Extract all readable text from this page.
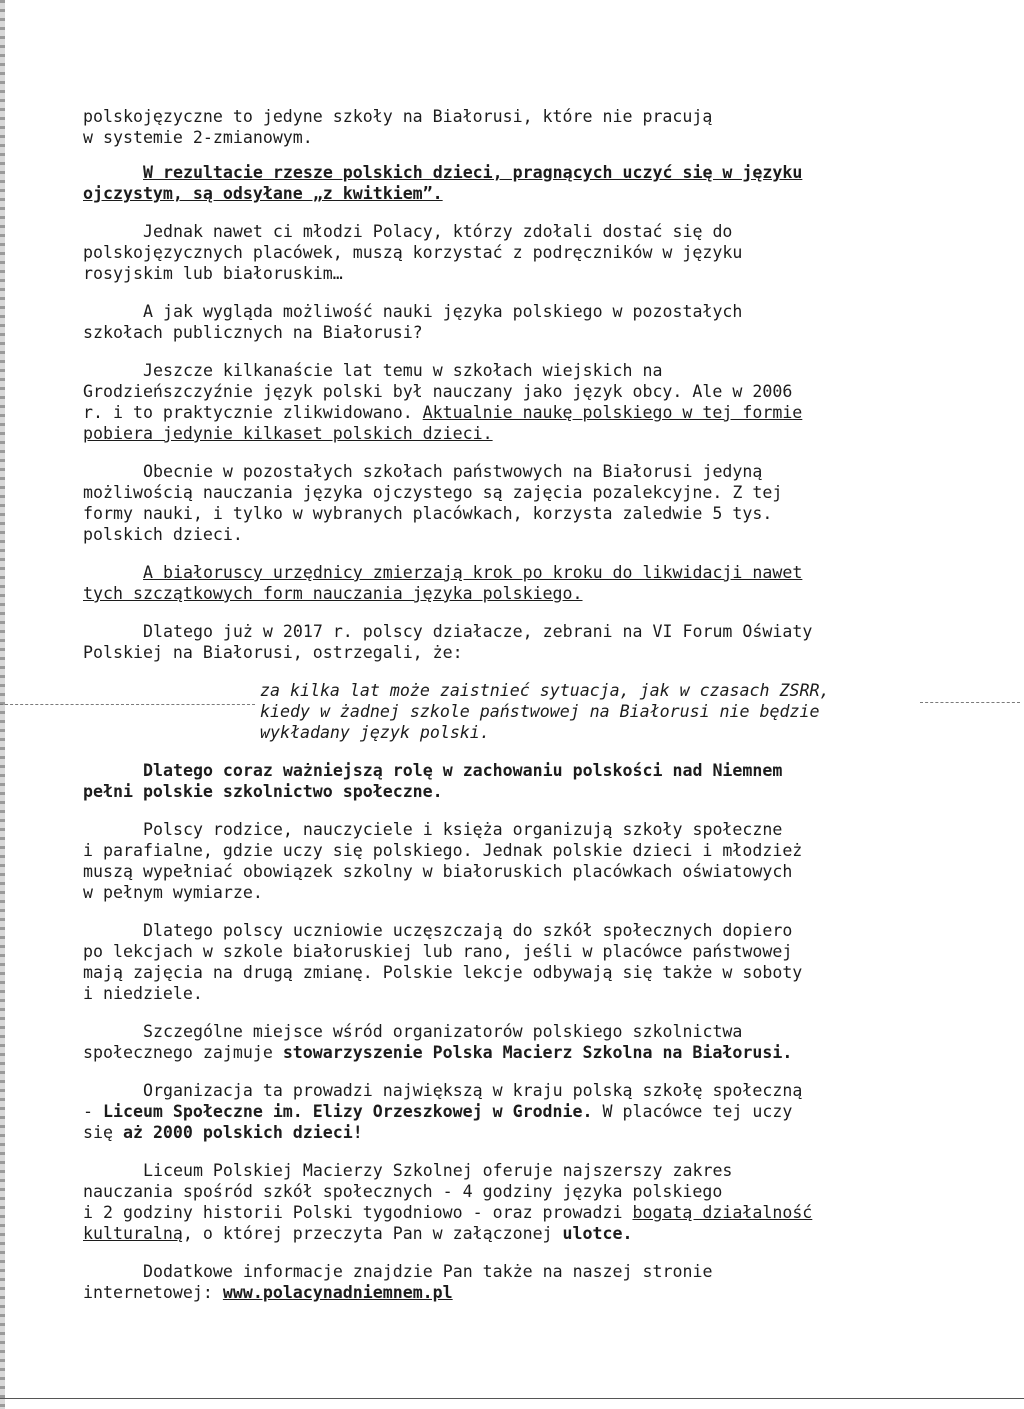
polskojęzyczne to jedyne szkoły na Białorusi, które nie pracują
w systemie 2-zmianowym.

W rezultacie rzesze polskich dzieci, pragnących uczyć się w języku
ojczystym, są odsyłane „z kwitkiem”.

Jednak nawet ci młodzi Polacy, którzy zdołali dostać się do
polskojęzycznych placówek, muszą korzystać z podręczników w języku
rosyjskim lub białoruskim…

A jak wygląda możliwość nauki języka polskiego w pozostałych
szkołach publicznych na Białorusi?

Jeszcze kilkanaście lat temu w szkołach wiejskich na
Grodzieńszczyźnie język polski był nauczany jako język obcy. Ale w 2006
r. i to praktycznie zlikwidowano. Aktualnie naukę polskiego w tej formie
pobiera jedynie kilkaset polskich dzieci.

Obecnie w pozostałych szkołach państwowych na Białorusi jedyną
możliwością nauczania języka ojczystego są zajęcia pozalekcyjne. Z tej
formy nauki, i tylko w wybranych placówkach, korzysta zaledwie 5 tys.
polskich dzieci.

A białoruscy urzędnicy zmierzają krok po kroku do likwidacji nawet
tych szczątkowych form nauczania języka polskiego.

Dlatego już w 2017 r. polscy działacze, zebrani na VI Forum Oświaty
Polskiej na Białorusi, ostrzegali, że:

za kilka lat może zaistnieć sytuacja, jak w czasach ZSRR,
kiedy w żadnej szkole państwowej na Białorusi nie będzie
wykładany język polski.

Dlatego coraz ważniejszą rolę w zachowaniu polskości nad Niemnem
pełni polskie szkolnictwo społeczne.

Polscy rodzice, nauczyciele i księża organizują szkoły społeczne
i parafialne, gdzie uczy się polskiego. Jednak polskie dzieci i młodzież
muszą wypełniać obowiązek szkolny w białoruskich placówkach oświatowych
w pełnym wymiarze.

Dlatego polscy uczniowie uczęszczają do szkół społecznych dopiero
po lekcjach w szkole białoruskiej lub rano, jeśli w placówce państwowej
mają zajęcia na drugą zmianę. Polskie lekcje odbywają się także w soboty
i niedziele.

Szczególne miejsce wśród organizatorów polskiego szkolnictwa
społecznego zajmuje stowarzyszenie Polska Macierz Szkolna na Białorusi.

Organizacja ta prowadzi największą w kraju polską szkołę społeczną
- Liceum Społeczne im. Elizy Orzeszkowej w Grodnie. W placówce tej uczy
się aż 2000 polskich dzieci!

Liceum Polskiej Macierzy Szkolnej oferuje najszerszy zakres
nauczania spośród szkół społecznych - 4 godziny języka polskiego
i 2 godziny historii Polski tygodniowo - oraz prowadzi bogatą działalność
kulturalną, o której przeczyta Pan w załączonej ulotce.

Dodatkowe informacje znajdzie Pan także na naszej stronie
internetowej: www.polacynadniemnem.pl
